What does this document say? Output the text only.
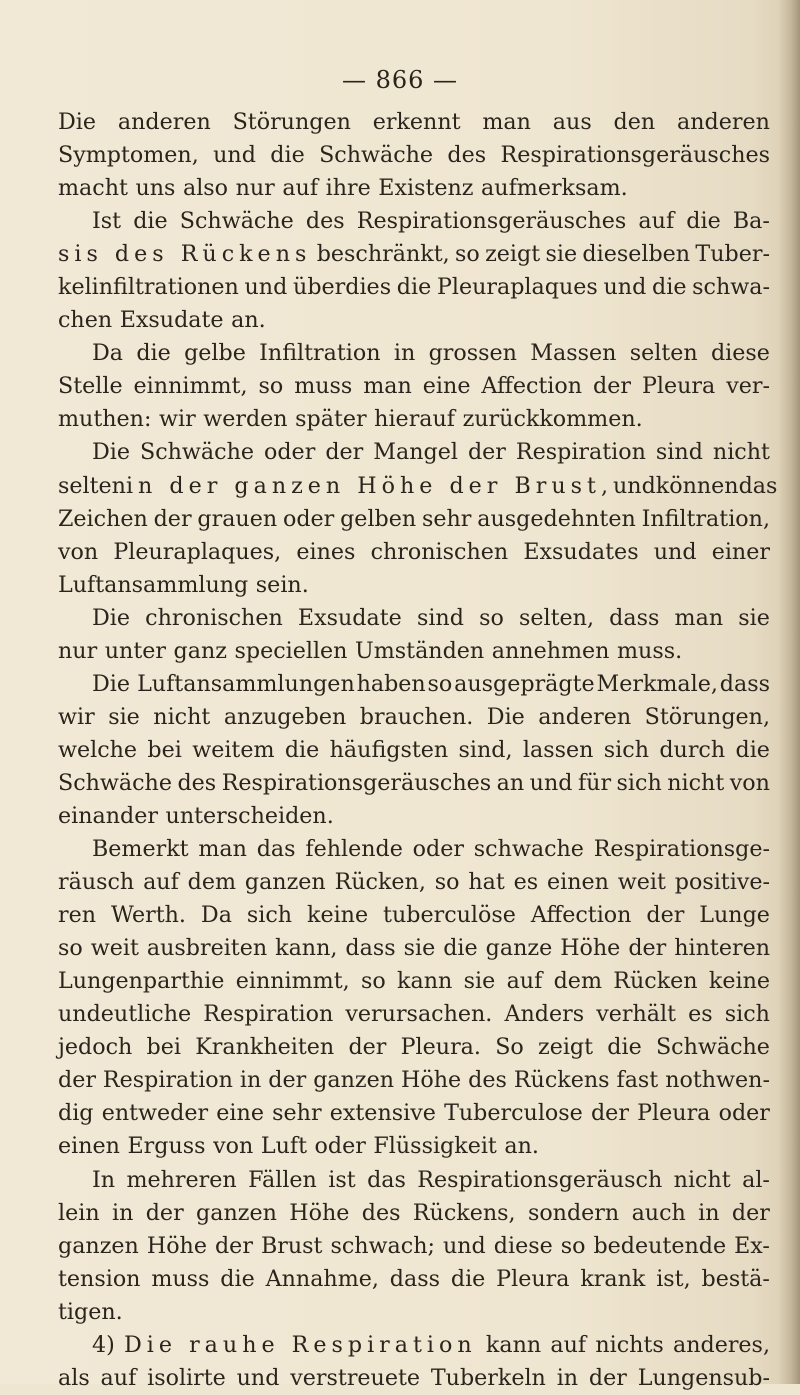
— 866 —
Die anderen Störungen erkennt man aus den anderen
Symptomen, und die Schwäche des Respirationsgeräusches
macht uns also nur auf ihre Existenz aufmerksam.
Ist die Schwäche des Respirationsgeräusches auf die Ba-
sis des Rückens beschränkt, so zeigt sie dieselben Tuber-
kelinfiltrationen und überdies die Pleuraplaques und die schwa-
chen Exsudate an.
Da die gelbe Infiltration in grossen Massen selten diese
Stelle einnimmt, so muss man eine Affection der Pleura ver-
muthen: wir werden später hierauf zurückkommen.
Die Schwäche oder der Mangel der Respiration sind nicht
selten in der ganzen Höhe der Brust, und können das
Zeichen der grauen oder gelben sehr ausgedehnten Infiltration,
von Pleuraplaques, eines chronischen Exsudates und einer
Luftansammlung sein.
Die chronischen Exsudate sind so selten, dass man sie
nur unter ganz speciellen Umständen annehmen muss.
Die Luftansammlungen haben so ausgeprägte Merkmale, dass
wir sie nicht anzugeben brauchen. Die anderen Störungen,
welche bei weitem die häufigsten sind, lassen sich durch die
Schwäche des Respirationsgeräusches an und für sich nicht von
einander unterscheiden.
Bemerkt man das fehlende oder schwache Respirationsge-
räusch auf dem ganzen Rücken, so hat es einen weit positive-
ren Werth. Da sich keine tuberculöse Affection der Lunge
so weit ausbreiten kann, dass sie die ganze Höhe der hinteren
Lungenparthie einnimmt, so kann sie auf dem Rücken keine
undeutliche Respiration verursachen. Anders verhält es sich
jedoch bei Krankheiten der Pleura. So zeigt die Schwäche
der Respiration in der ganzen Höhe des Rückens fast nothwen-
dig entweder eine sehr extensive Tuberculose der Pleura oder
einen Erguss von Luft oder Flüssigkeit an.
In mehreren Fällen ist das Respirationsgeräusch nicht al-
lein in der ganzen Höhe des Rückens, sondern auch in der
ganzen Höhe der Brust schwach; und diese so bedeutende Ex-
tension muss die Annahme, dass die Pleura krank ist, bestä-
tigen.
4) Die rauhe Respiration kann auf nichts anderes,
als auf isolirte und verstreuete Tuberkeln in der Lungensub-
